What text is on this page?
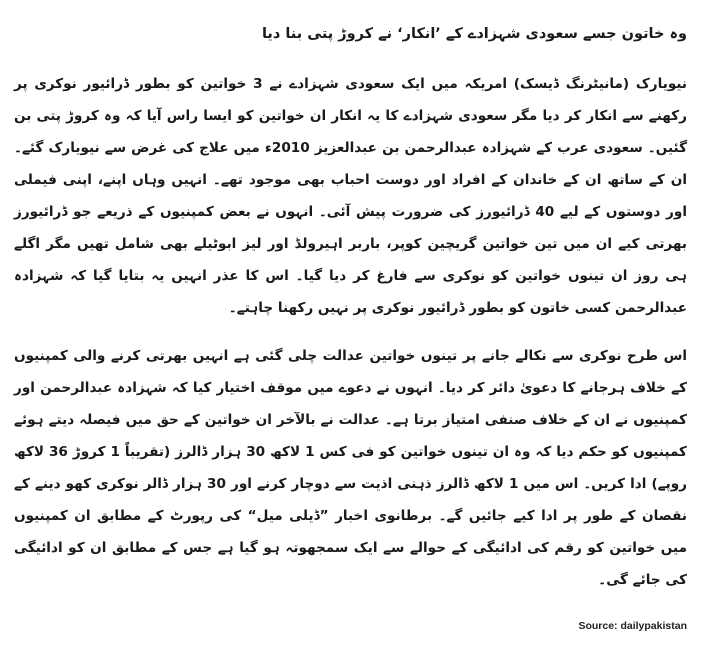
وہ خاتون جسے سعودی شہزادے کے ’انکار‘ نے کروڑ پتی بنا دیا

نیویارک (مانیٹرنگ ڈیسک) امریکہ میں ایک سعودی شہزادے نے 3 خواتین کو بطور ڈرائیور نوکری پر رکھنے سے انکار کر دیا مگر سعودی شہزادے کا یہ انکار ان خواتین کو ایسا راس آیا کہ وہ کروڑ پتی بن گئیں۔ سعودی عرب کے شہزادہ عبدالرحمن بن عبدالعزیز 2010ء میں علاج کی غرض سے نیویارک گئے۔ ان کے ساتھ ان کے خاندان کے افراد اور دوست احباب بھی موجود تھے۔ انہیں وہاں اپنے، اپنی فیملی اور دوستوں کے لیے 40 ڈرائیورز کی ضرورت پیش آئی۔ انہوں نے بعض کمپنیوں کے ذریعے جو ڈرائیورز بھرتی کیے ان میں تین خواتین گریچین کوپر، باربر اہیرولڈ اور لیز ابوٹیلے بھی شامل تھیں مگر اگلے ہی روز ان تینوں خواتین کو نوکری سے فارغ کر دیا گیا۔ اس کا عذر انہیں یہ بتایا گیا کہ شہزادہ عبدالرحمن کسی خاتون کو بطور ڈرائیور نوکری پر نہیں رکھنا چاہتے۔

اس طرح نوکری سے نکالے جانے پر تینوں خواتین عدالت چلی گئی ہے انہیں بھرتی کرنے والی کمپنیوں کے خلاف ہرجانے کا دعویٰ دائر کر دیا۔ انہوں نے دعوے میں موقف اختیار کیا کہ شہزادہ عبدالرحمن اور کمپنیوں نے ان کے خلاف صنفی امتیاز برتا ہے۔ عدالت نے بالآخر ان خواتین کے حق میں فیصلہ دیتے ہوئے کمپنیوں کو حکم دیا کہ وہ ان تینوں خواتین کو فی کس 1 لاکھ 30 ہزار ڈالرز (تقریباً 1 کروڑ 36 لاکھ روپے) ادا کریں۔ اس میں 1 لاکھ ڈالرز ذہنی اذیت سے دوچار کرنے اور 30 ہزار ڈالر نوکری کھو دینے کے نقصان کے طور پر ادا کیے جائیں گے۔ برطانوی اخبار ”ڈیلی میل“ کی رپورٹ کے مطابق ان کمپنیوں میں خواتین کو رقم کی ادائیگی کے حوالے سے ایک سمجھوتہ ہو گیا ہے جس کے مطابق ان کو ادائیگی کی جائے گی۔

Source: dailypakistan
